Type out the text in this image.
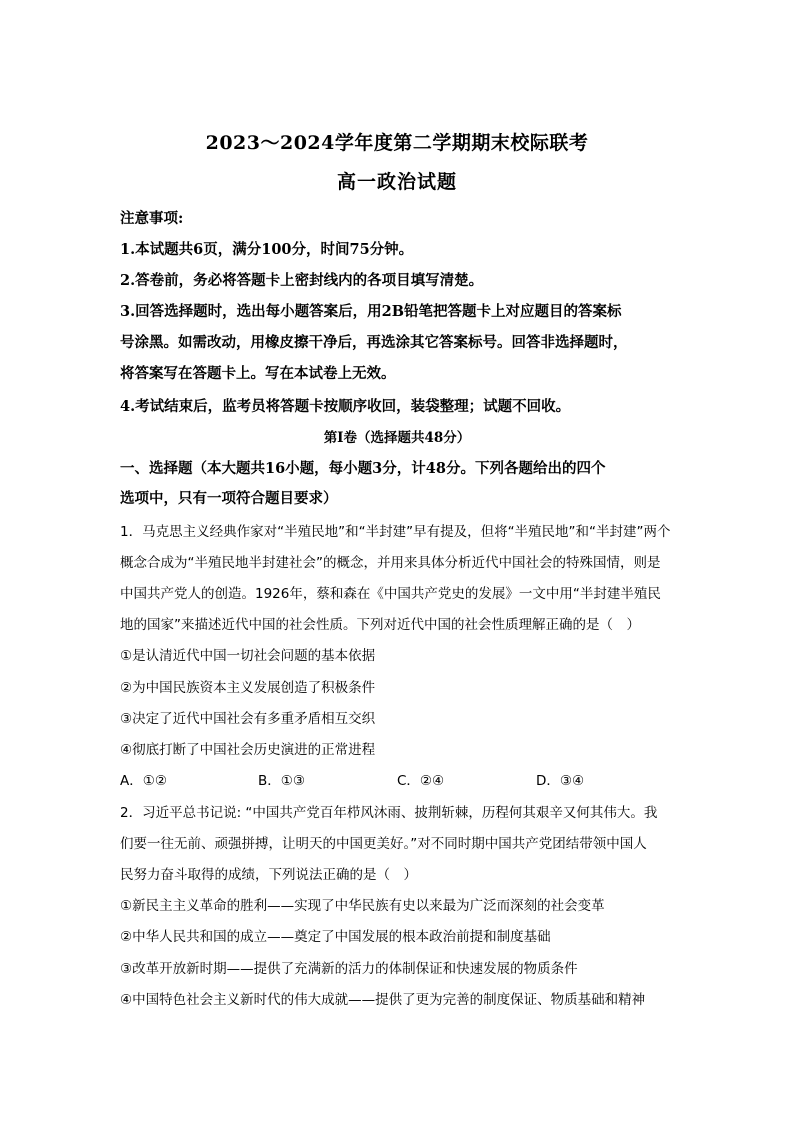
2023～2024学年度第二学期期末校际联考
高一政治试题
注意事项:
1.本试题共6页，满分100分，时间75分钟。
2.答卷前，务必将答题卡上密封线内的各项目填写清楚。
3.回答选择题时，选出每小题答案后，用2B铅笔把答题卡上对应题目的答案标
号涂黑。如需改动，用橡皮擦干净后，再选涂其它答案标号。回答非选择题时，
将答案写在答题卡上。写在本试卷上无效。
4.考试结束后，监考员将答题卡按顺序收回，装袋整理；试题不回收。
第I卷（选择题共48分）
一、选择题（本大题共16小题，每小题3分，计48分。下列各题给出的四个
选项中，只有一项符合题目要求）
1．马克思主义经典作家对“半殖民地”和“半封建”早有提及，但将“半殖民地”和“半封建”两个
概念合成为“半殖民地半封建社会”的概念，并用来具体分析近代中国社会的特殊国情，则是
中国共产党人的创造。1926年，蔡和森在《中国共产党史的发展》一文中用“半封建半殖民
地的国家”来描述近代中国的社会性质。下列对近代中国的社会性质理解正确的是（　）
①是认清近代中国一切社会问题的基本依据
②为中国民族资本主义发展创造了积极条件
③决定了近代中国社会有多重矛盾相互交织
④彻底打断了中国社会历史演进的正常进程
A．①②	B．①③	C．②④	D．③④
2．习近平总书记说: “中国共产党百年栉风沐雨、披荆斩棘，历程何其艰辛又何其伟大。我
们要一往无前、顽强拼搏，让明天的中国更美好。”对不同时期中国共产党团结带领中国人
民努力奋斗取得的成绩，下列说法正确的是（　）
①新民主主义革命的胜利——实现了中华民族有史以来最为广泛而深刻的社会变革
②中华人民共和国的成立——奠定了中国发展的根本政治前提和制度基础
③改革开放新时期——提供了充满新的活力的体制保证和快速发展的物质条件
④中国特色社会主义新时代的伟大成就——提供了更为完善的制度保证、物质基础和精神
